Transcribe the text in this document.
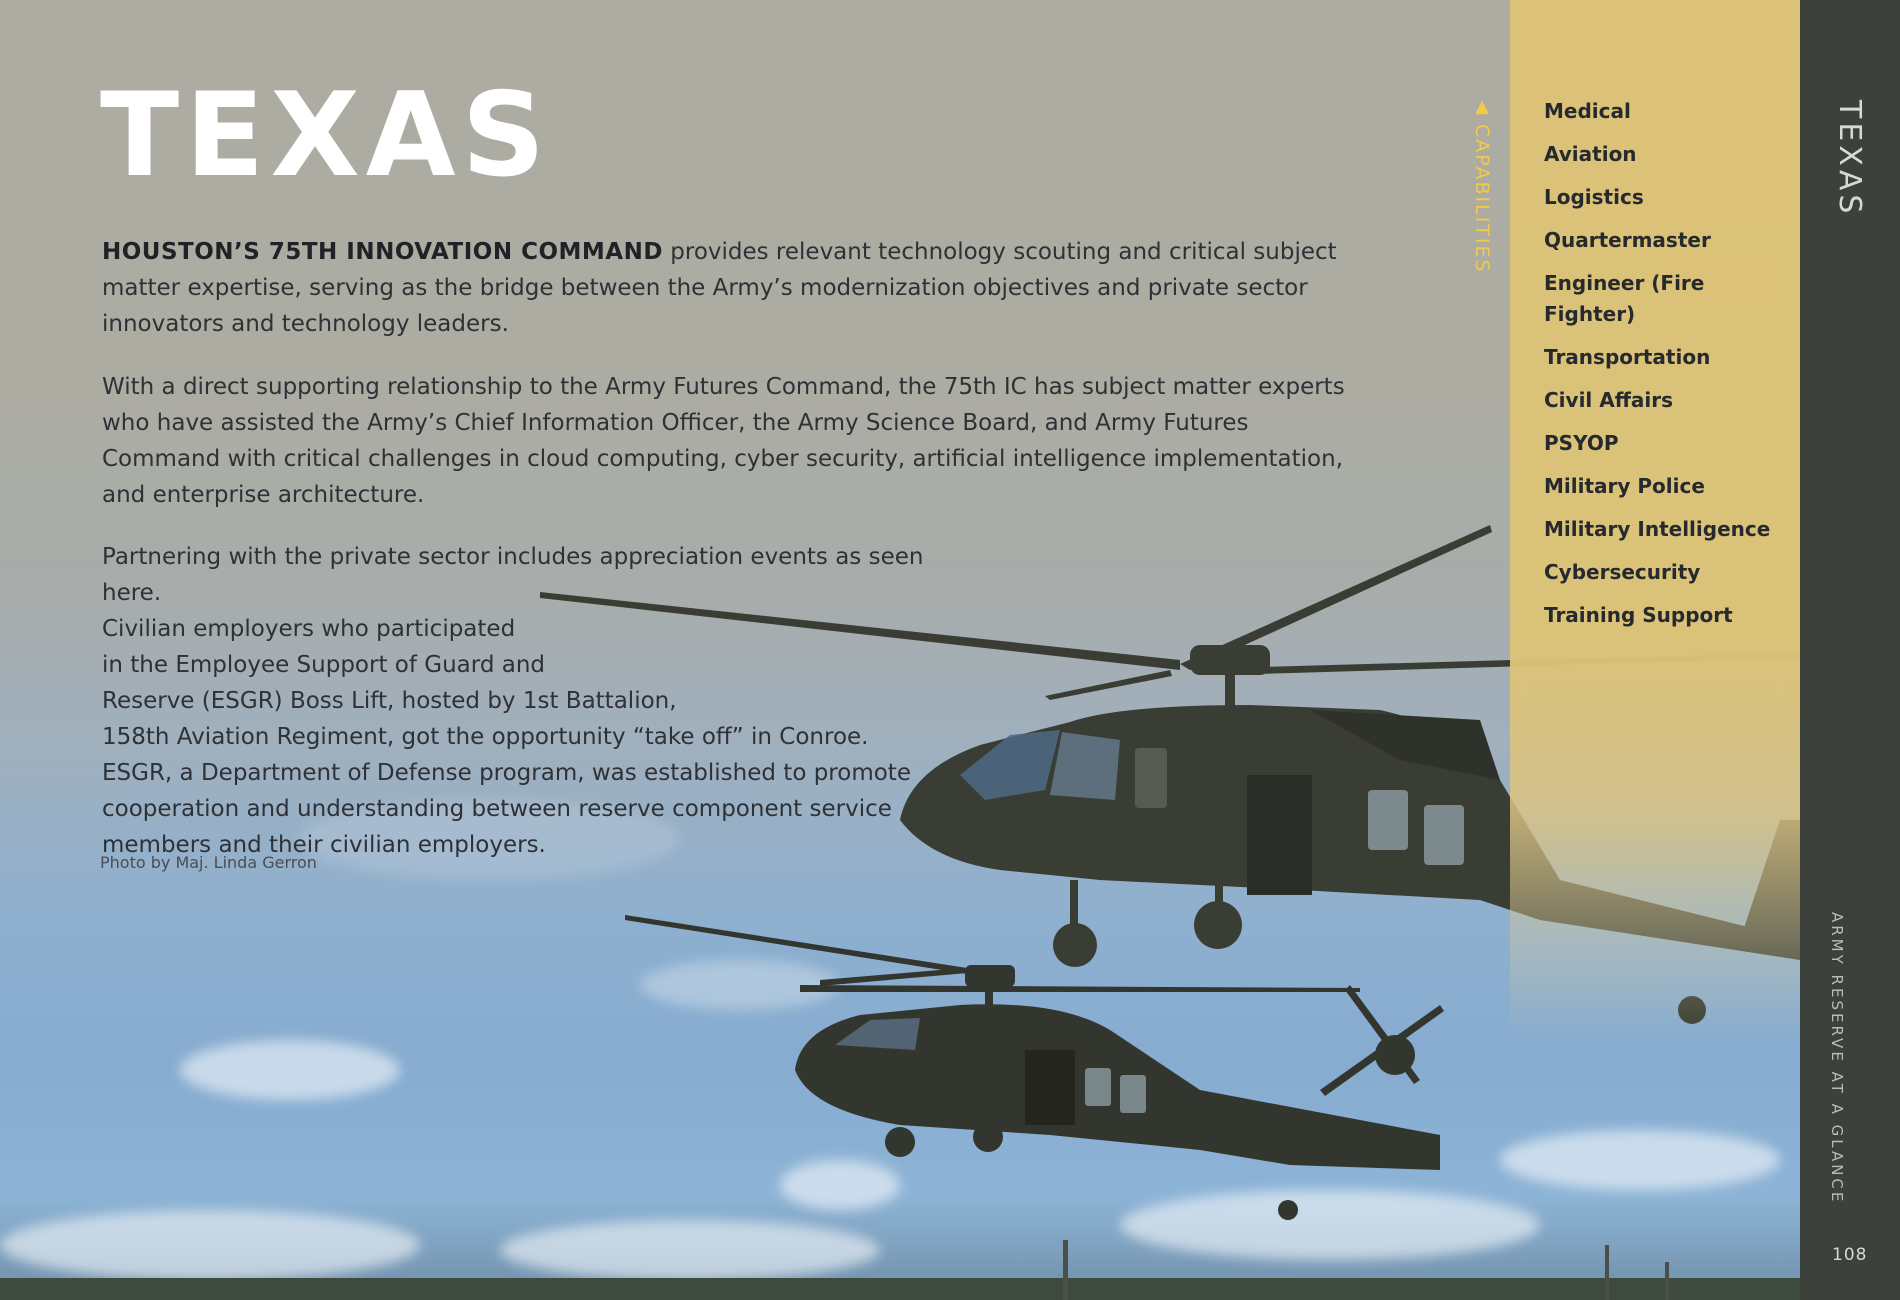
TEXAS

HOUSTON’S 75TH INNOVATION COMMAND provides relevant technology scouting and critical subject matter expertise, serving as the bridge between the Army’s modernization objectives and private sector innovators and technology leaders.

With a direct supporting relationship to the Army Futures Command, the 75th IC has subject matter experts who have assisted the Army’s Chief Information Officer, the Army Science Board, and Army Futures Command with critical challenges in cloud computing, cyber security, artificial intelligence implementation, and enterprise architecture.

Partnering with the private sector includes appreciation events as seen here.
Civilian employers who participated
in the Employee Support of Guard and
Reserve (ESGR) Boss Lift, hosted by 1st Battalion,
158th Aviation Regiment, got the opportunity “take off” in Conroe.
ESGR, a Department of Defense program, was established to promote
cooperation and understanding between reserve component service
members and their civilian employers.

Photo by Maj. Linda Gerron

Medical
Aviation
Logistics
Quartermaster
Engineer (Fire Fighter)
Transportation
Civil Affairs
PSYOP
Military Police
Military Intelligence
Cybersecurity
Training Support
▲
CAPABILITIES	TEXAS

ARMY RESERVE AT A GLANCE
108
